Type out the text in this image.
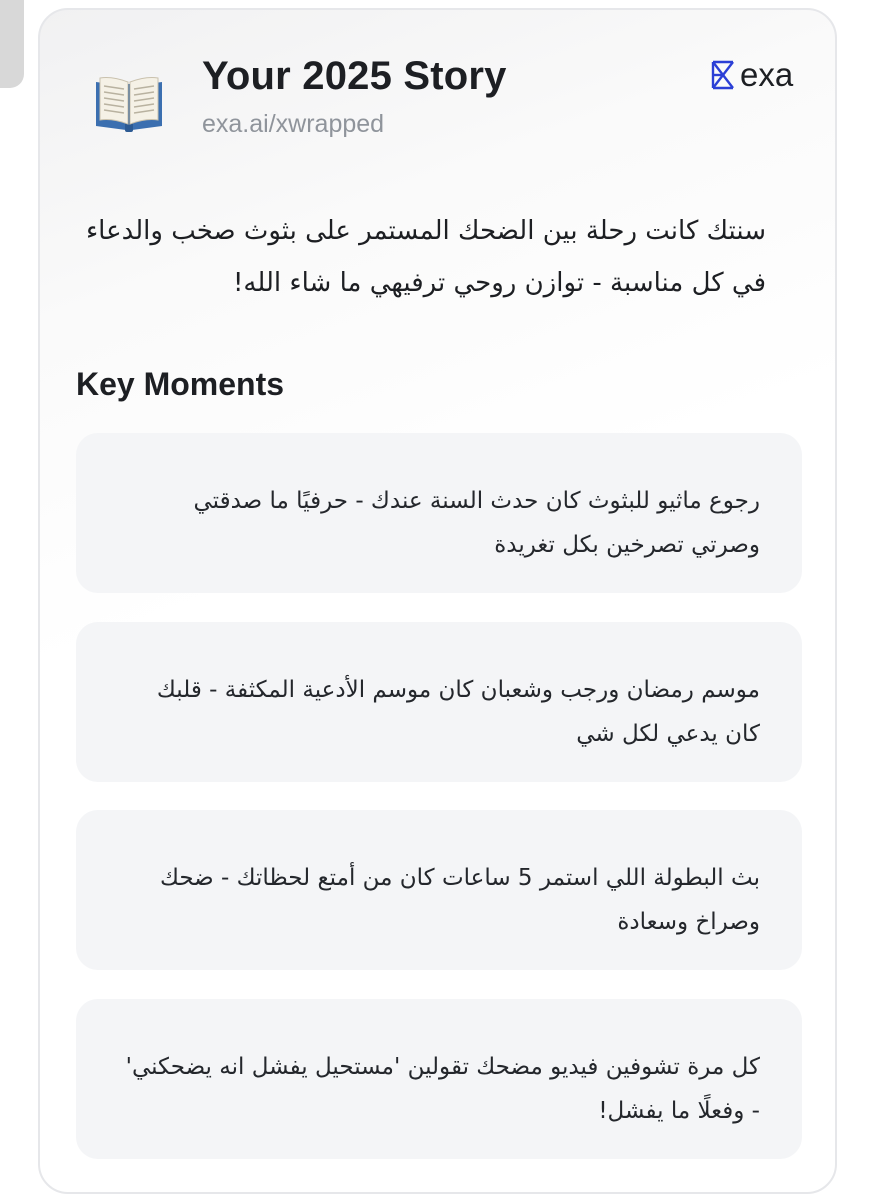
Your 2025 Story
exa.ai/xwrapped
exa
سنتك كانت رحلة بين الضحك المستمر على بثوث صخب والدعاء في كل مناسبة - توازن روحي ترفيهي ما شاء الله!
Key Moments
رجوع ماثيو للبثوث كان حدث السنة عندك - حرفيًا ما صدقتي وصرتي تصرخين بكل تغريدة
موسم رمضان ورجب وشعبان كان موسم الأدعية المكثفة - قلبك كان يدعي لكل شي
بث البطولة اللي استمر 5 ساعات كان من أمتع لحظاتك - ضحك وصراخ وسعادة
كل مرة تشوفين فيديو مضحك تقولين 'مستحيل يفشل انه يضحكني' - وفعلًا ما يفشل!
